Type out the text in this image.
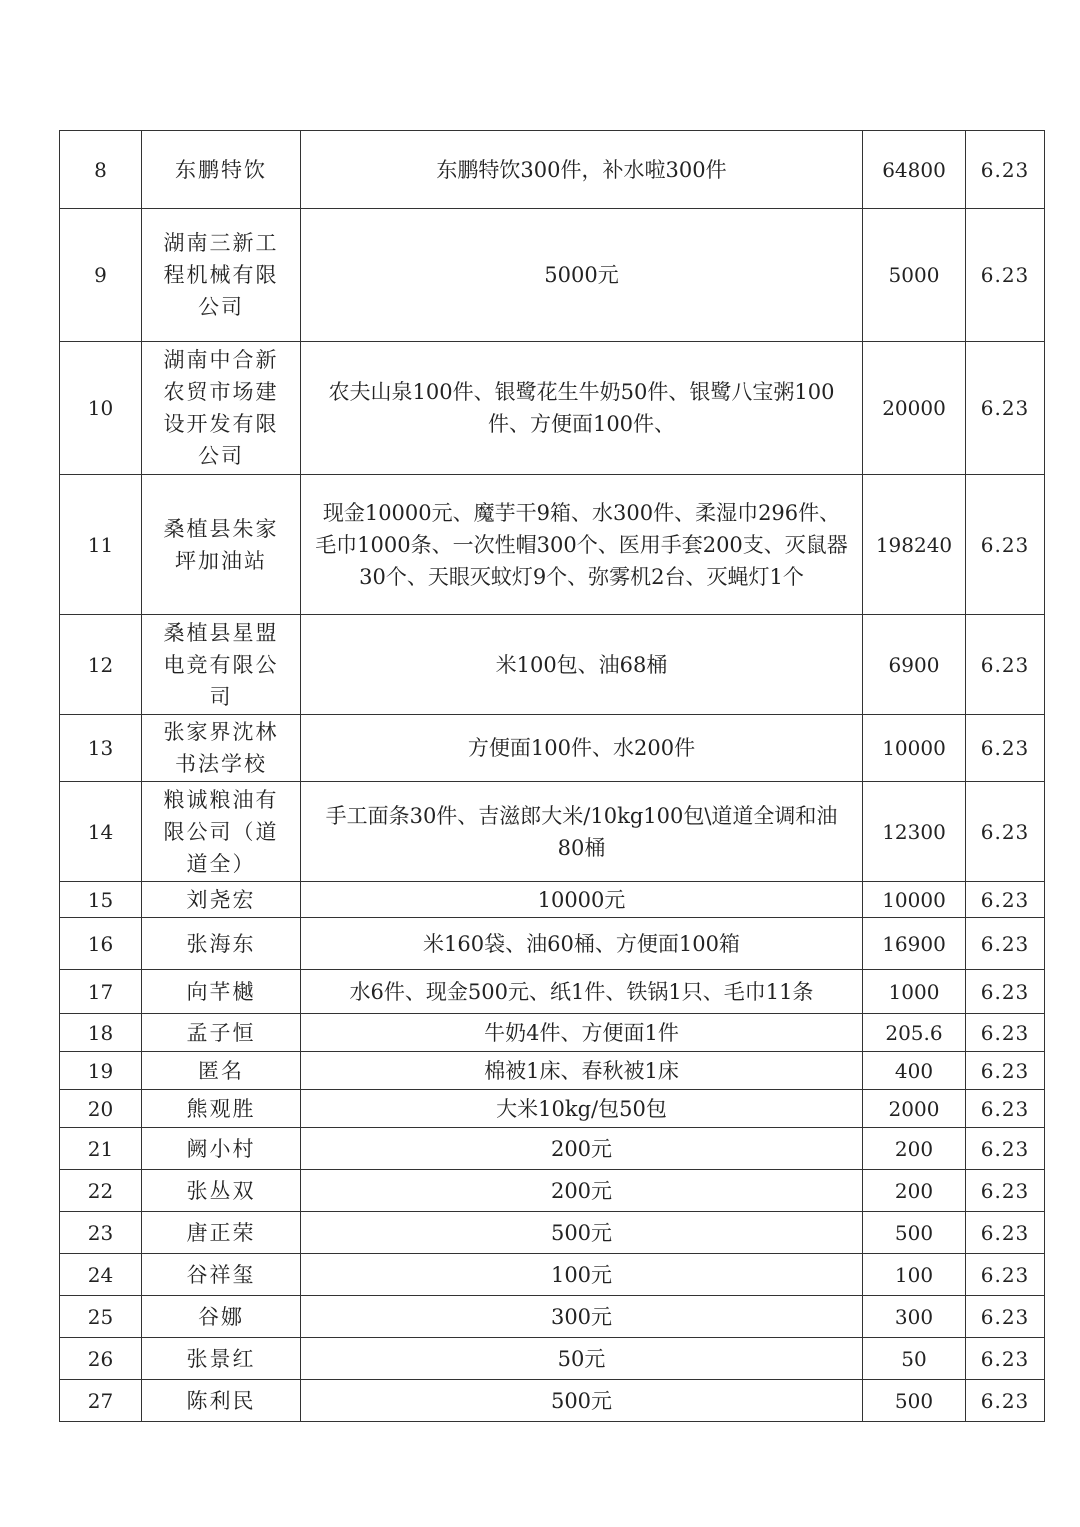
8	东鹏特饮	东鹏特饮300件，补水啦300件	64800	6.23
9	湖南三新工程机械有限公司	5000元	5000	6.23
10	湖南中合新农贸市场建设开发有限公司	农夫山泉100件、银鹭花生牛奶50件、银鹭八宝粥100件、方便面100件、	20000	6.23
11	桑植县朱家坪加油站	现金10000元、魔芋干9箱、水300件、柔湿巾296件、毛巾1000条、一次性帽300个、医用手套200支、灭鼠器30个、天眼灭蚊灯9个、弥雾机2台、灭蝇灯1个	198240	6.23
12	桑植县星盟电竞有限公司	米100包、油68桶	6900	6.23
13	张家界沈林书法学校	方便面100件、水200件	10000	6.23
14	粮诚粮油有限公司（道道全）	手工面条30件、吉滋郎大米/10kg100包\道道全调和油80桶	12300	6.23
15	刘尧宏	10000元	10000	6.23
16	张海东	米160袋、油60桶、方便面100箱	16900	6.23
17	向芊樾	水6件、现金500元、纸1件、铁锅1只、毛巾11条	1000	6.23
18	孟子恒	牛奶4件、方便面1件	205.6	6.23
19	匿名	棉被1床、春秋被1床	400	6.23
20	熊观胜	大米10kg/包50包	2000	6.23
21	阙小村	200元	200	6.23
22	张丛双	200元	200	6.23
23	唐正荣	500元	500	6.23
24	谷祥玺	100元	100	6.23
25	谷娜	300元	300	6.23
26	张景红	50元	50	6.23
27	陈利民	500元	500	6.23
